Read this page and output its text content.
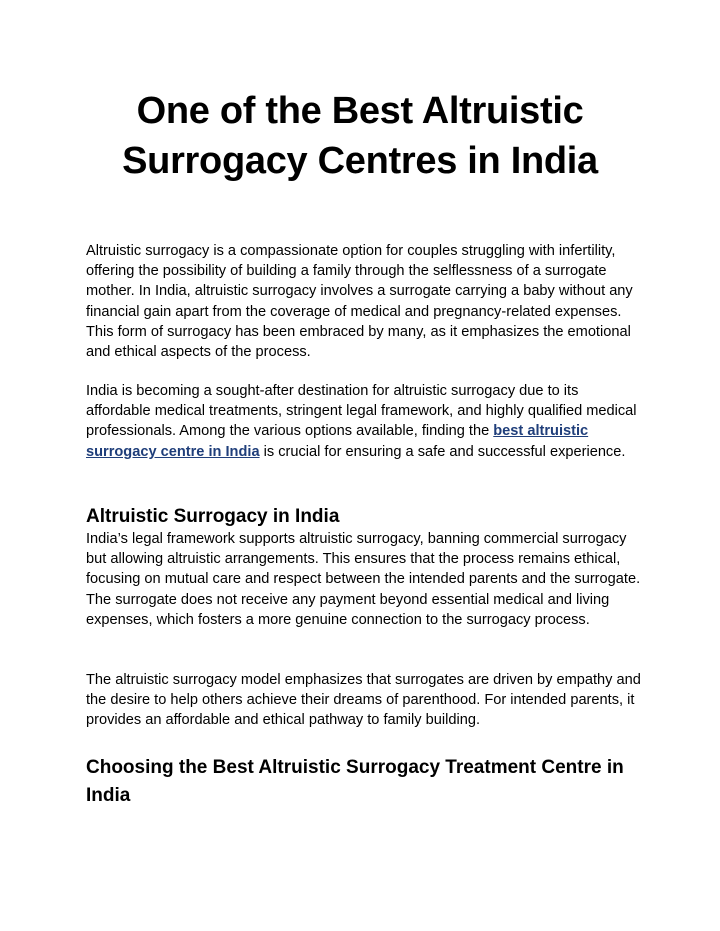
One of the Best Altruistic Surrogacy Centres in India

Altruistic surrogacy is a compassionate option for couples struggling with infertility, offering the possibility of building a family through the selflessness of a surrogate mother. In India, altruistic surrogacy involves a surrogate carrying a baby without any financial gain apart from the coverage of medical and pregnancy-related expenses. This form of surrogacy has been embraced by many, as it emphasizes the emotional and ethical aspects of the process.

India is becoming a sought-after destination for altruistic surrogacy due to its affordable medical treatments, stringent legal framework, and highly qualified medical professionals. Among the various options available, finding the best altruistic surrogacy centre in India is crucial for ensuring a safe and successful experience.

Altruistic Surrogacy in India

India’s legal framework supports altruistic surrogacy, banning commercial surrogacy but allowing altruistic arrangements. This ensures that the process remains ethical, focusing on mutual care and respect between the intended parents and the surrogate. The surrogate does not receive any payment beyond essential medical and living expenses, which fosters a more genuine connection to the surrogacy process.

The altruistic surrogacy model emphasizes that surrogates are driven by empathy and the desire to help others achieve their dreams of parenthood. For intended parents, it provides an affordable and ethical pathway to family building.

Choosing the Best Altruistic Surrogacy Treatment Centre in India
